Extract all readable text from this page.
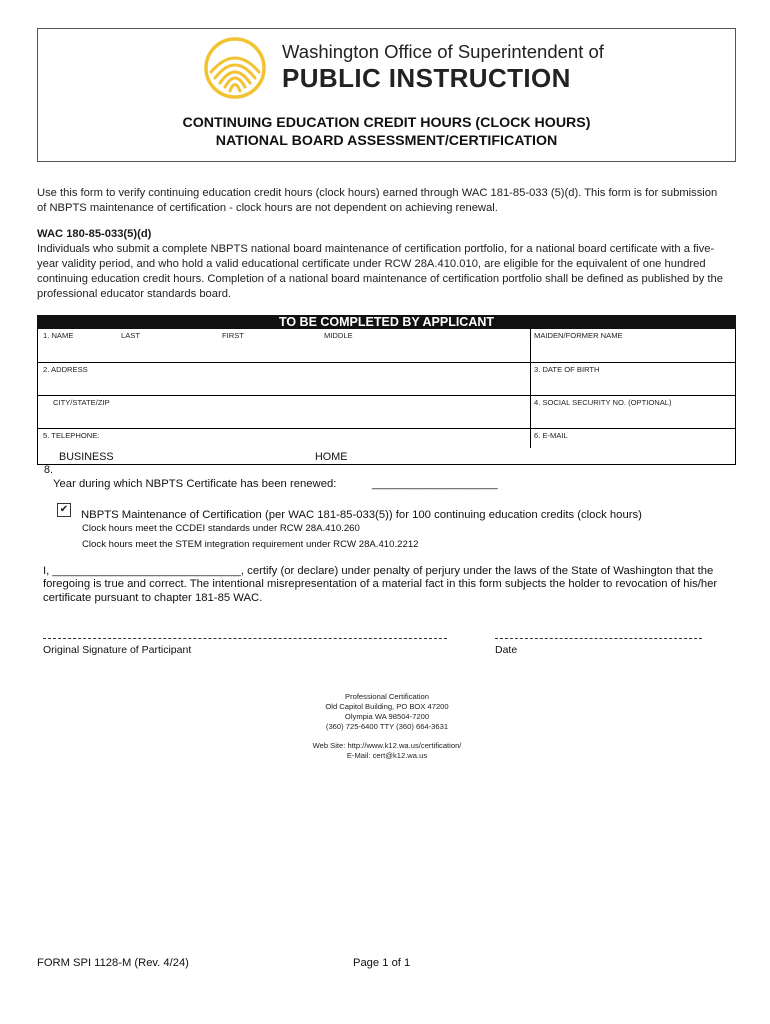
Washington Office of Superintendent of
PUBLIC INSTRUCTION
CONTINUING EDUCATION CREDIT HOURS (CLOCK HOURS)
NATIONAL BOARD ASSESSMENT/CERTIFICATION
Use this form to verify continuing education credit hours (clock hours) earned through WAC 181-85-033 (5)(d). This form is for submission
of NBPTS maintenance of certification - clock hours are not dependent on achieving renewal.
WAC 180-85-033(5)(d)
Individuals who submit a complete NBPTS national board maintenance of certification portfolio, for a national board certificate with a five-
year validity period, and who hold a valid educational certificate under RCW 28A.410.010, are eligible for the equivalent of one hundred
continuing education credit hours. Completion of a national board maintenance of certification portfolio shall be defined as published by the
professional educator standards board.
TO BE COMPLETED BY APPLICANT
1. NAME	LAST	FIRST	MIDDLE	MAIDEN/FORMER NAME
2. ADDRESS	3. DATE OF BIRTH
CITY/STATE/ZIP	4. SOCIAL SECURITY NO. (OPTIONAL)
5. TELEPHONE:	6. E-MAIL
BUSINESS	HOME
8.
Year during which NBPTS Certificate has been renewed:	____________________
✔ NBPTS Maintenance of Certification (per WAC 181-85-033(5)) for 100 continuing education credits (clock hours)
Clock hours meet the CCDEI standards under RCW 28A.410.260
Clock hours meet the STEM integration requirement under RCW 28A.410.2212
I, ______________________________, certify (or declare) under penalty of perjury under the laws of the State of Washington that the
foregoing is true and correct. The intentional misrepresentation of a material fact in this form subjects the holder to revocation of his/her
certificate pursuant to chapter 181-85 WAC.
Original Signature of Participant	Date
Professional Certification
Old Capitol Building, PO BOX 47200
Olympia WA 98504-7200
(360) 725-6400 TTY (360) 664-3631
Web Site: http://www.k12.wa.us/certification/
E-Mail: cert@k12.wa.us
FORM SPI 1128-M (Rev. 4/24)	Page 1 of 1
